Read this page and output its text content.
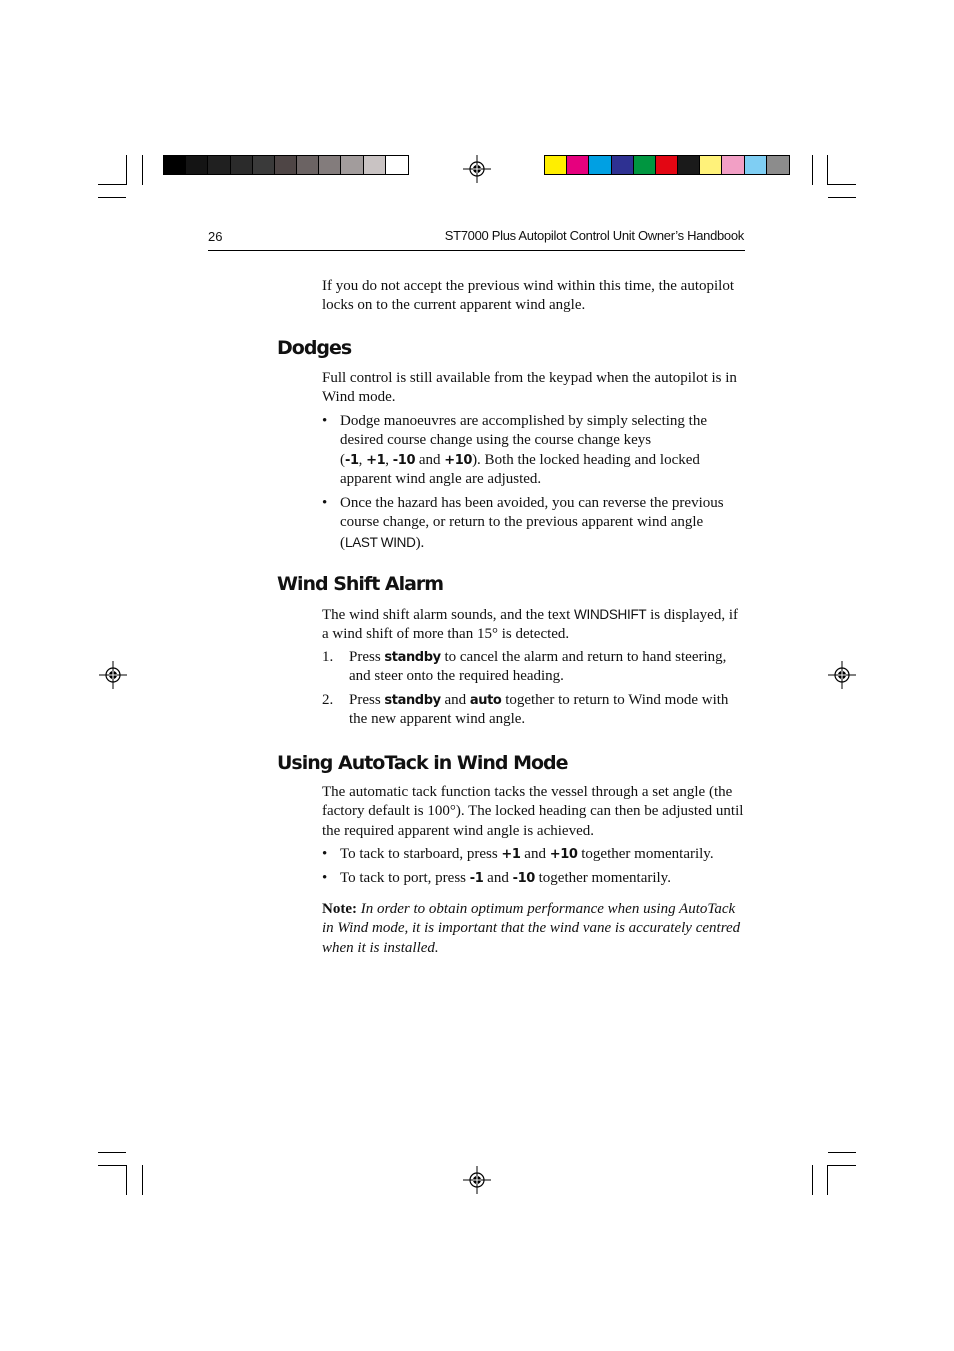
26	ST7000 Plus Autopilot Control Unit Owner’s Handbook

If you do not accept the previous wind within this time, the autopilot locks on to the current apparent wind angle.

Dodges

Full control is still available from the keypad when the autopilot is in Wind mode.

• Dodge manoeuvres are accomplished by simply selecting the desired course change using the course change keys
(-1, +1, -10 and +10). Both the locked heading and locked apparent wind angle are adjusted.
• Once the hazard has been avoided, you can reverse the previous course change, or return to the previous apparent wind angle
(LAST WIND).
Wind Shift Alarm

The wind shift alarm sounds, and the text WINDSHIFT is displayed, if a wind shift of more than 15° is detected.

1. Press standby to cancel the alarm and return to hand steering, and steer onto the required heading.
2. Press standby and auto together to return to Wind mode with the new apparent wind angle.
Using AutoTack in Wind Mode

The automatic tack function tacks the vessel through a set angle (the factory default is 100°). The locked heading can then be adjusted until the required apparent wind angle is achieved.

• To tack to starboard, press +1 and +10 together momentarily.
• To tack to port, press -1 and -10 together momentarily.

Note: In order to obtain optimum performance when using AutoTack in Wind mode, it is important that the wind vane is accurately centred when it is installed.
